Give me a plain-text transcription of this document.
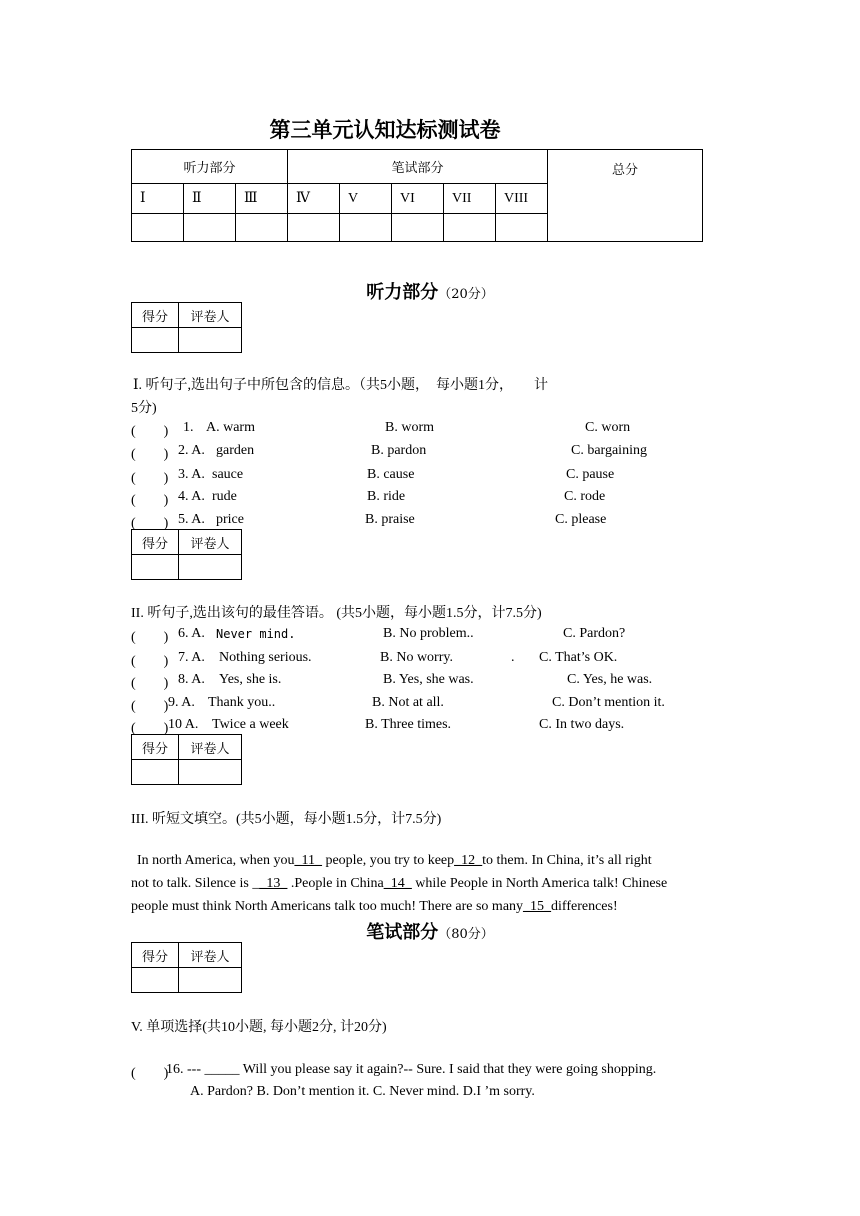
第三单元认知达标测试卷
听力部分			笔试部分					总分
Ⅰ	Ⅱ	Ⅲ	Ⅳ	V	VI	VII	VIII	

听力部分（20分）
得分	评卷人

Ⅰ. 听句子,选出句子中所包含的信息。（共5小题，　每小题1分，　　计
5分)
(　　) 1. A. warm	B. worm	C. worn
(　　) 2. A. garden	B. pardon	C. bargaining
(　　) 3. A. sauce	B. cause	C. pause
(　　) 4. A. rude	B. ride	C. rode
(　　) 5. A. price	B. praise	C. please
得分	评卷人

II. 听句子,选出该句的最佳答语。 (共5小题，每小题1.5分，计7.5分)
(　　) 6. A. Never mind.	B. No problem..	C. Pardon?
(　　) 7. A. Nothing serious.	B. No worry.	. C. That’s OK.
(　　) 8. A. Yes, she is.	B. Yes, she was.	C. Yes, he was.
(　　) 9. A. Thank you..	B. Not at all.	C. Don’t mention it.
(　　) 10 A. Twice a week	B. Three times.	C. In two days.
得分	评卷人

III. 听短文填空。(共5小题，每小题1.5分，计7.5分)
In north America, when you_11_ people, you try to keep_12_to them. In China, it’s all right
not to talk. Silence is __13_ .People in China_14_ while People in North America talk! Chinese
people must think North Americans talk too much! There are so many_15_differences!
笔试部分（80分）
得分	评卷人

V. 单项选择(共10小题, 每小题2分, 计20分)
(　　)
16. --- _____ Will you please say it again?-- Sure. I said that they were going shopping.
A. Pardon? B. Don’t mention it. C. Never mind. D.I ’m sorry.
